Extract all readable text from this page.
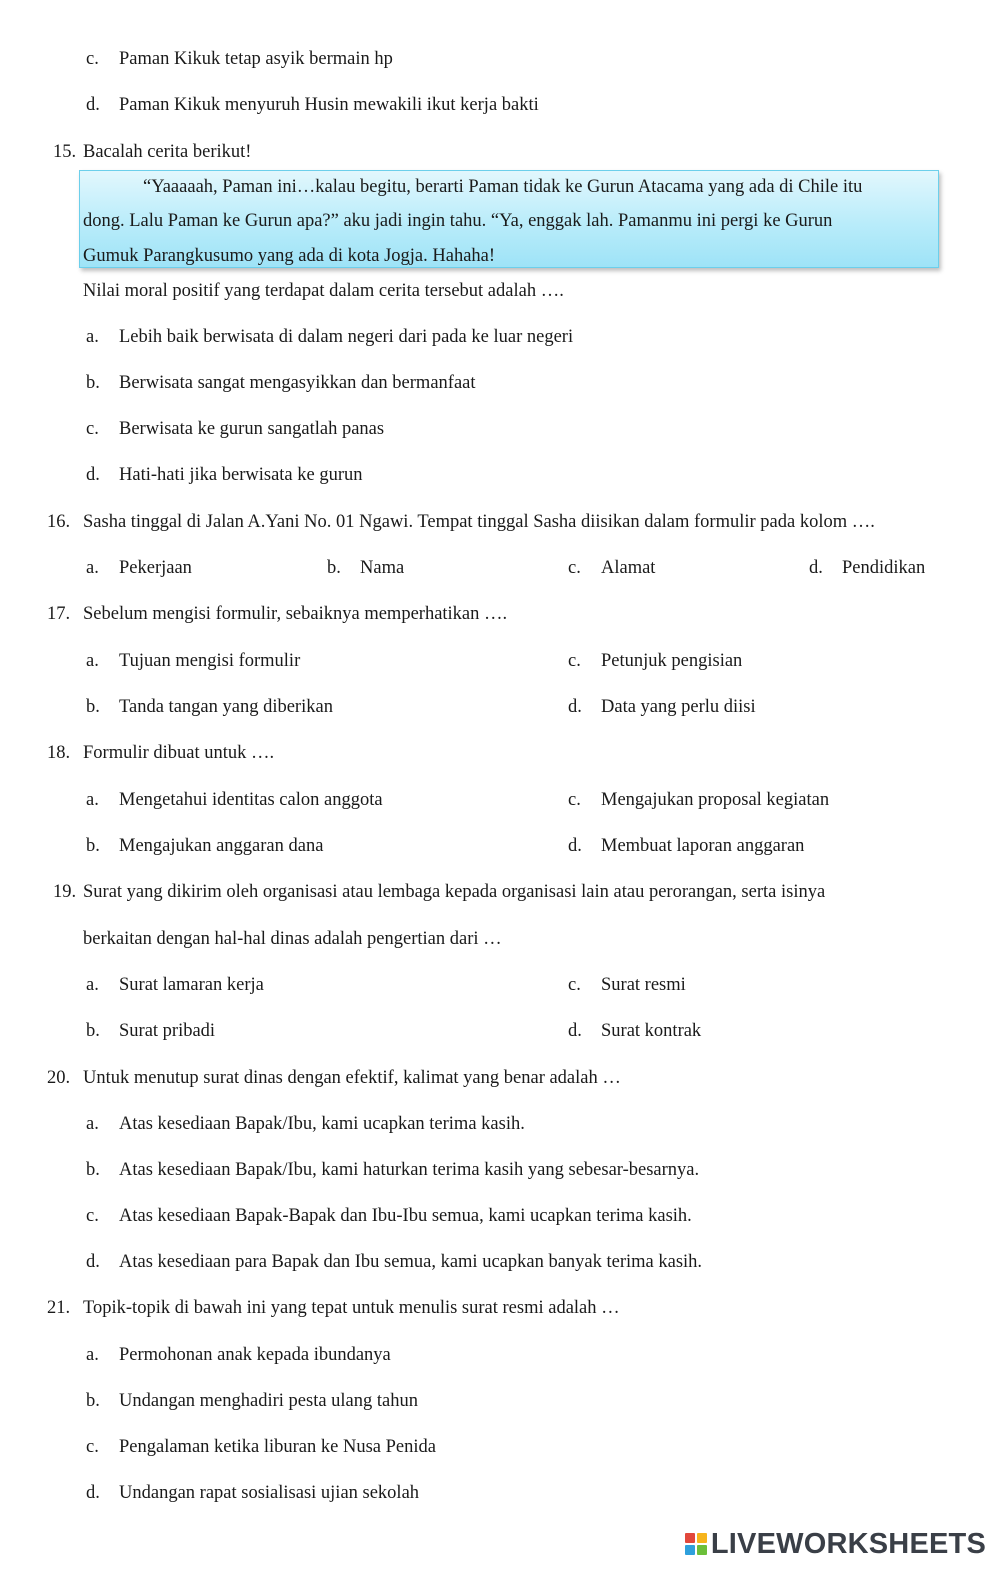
c. Paman Kikuk tetap asyik bermain hp
d. Paman Kikuk menyuruh Husin mewakili ikut kerja bakti
15. Bacalah cerita berikut!
“Yaaaaah, Paman ini…kalau begitu, berarti Paman tidak ke Gurun Atacama yang ada di Chile itu
dong. Lalu Paman ke Gurun apa?” aku jadi ingin tahu. “Ya, enggak lah. Pamanmu ini pergi ke Gurun
Gumuk Parangkusumo yang ada di kota Jogja. Hahaha!
Nilai moral positif yang terdapat dalam cerita tersebut adalah ….
a. Lebih baik berwisata di dalam negeri dari pada ke luar negeri
b. Berwisata sangat mengasyikkan dan bermanfaat
c. Berwisata ke gurun sangatlah panas
d. Hati-hati jika berwisata ke gurun
16. Sasha tinggal di Jalan A.Yani No. 01 Ngawi. Tempat tinggal Sasha diisikan dalam formulir pada kolom ….
a. Pekerjaan	b. Nama	c. Alamat	d. Pendidikan
17. Sebelum mengisi formulir, sebaiknya memperhatikan ….
a. Tujuan mengisi formulir	c. Petunjuk pengisian
b. Tanda tangan yang diberikan	d. Data yang perlu diisi
18. Formulir dibuat untuk ….
a. Mengetahui identitas calon anggota	c. Mengajukan proposal kegiatan
b. Mengajukan anggaran dana	d. Membuat laporan anggaran
19. Surat yang dikirim oleh organisasi atau lembaga kepada organisasi lain atau perorangan, serta isinya
berkaitan dengan hal-hal dinas adalah pengertian dari …
a. Surat lamaran kerja	c. Surat resmi
b. Surat pribadi	d. Surat kontrak
20. Untuk menutup surat dinas dengan efektif, kalimat yang benar adalah …
a. Atas kesediaan Bapak/Ibu, kami ucapkan terima kasih.
b. Atas kesediaan Bapak/Ibu, kami haturkan terima kasih yang sebesar-besarnya.
c. Atas kesediaan Bapak-Bapak dan Ibu-Ibu semua, kami ucapkan terima kasih.
d. Atas kesediaan para Bapak dan Ibu semua, kami ucapkan banyak terima kasih.
21. Topik-topik di bawah ini yang tepat untuk menulis surat resmi adalah …
a. Permohonan anak kepada ibundanya
b. Undangan menghadiri pesta ulang tahun
c. Pengalaman ketika liburan ke Nusa Penida
d. Undangan rapat sosialisasi ujian sekolah
LIVEWORKSHEETS
